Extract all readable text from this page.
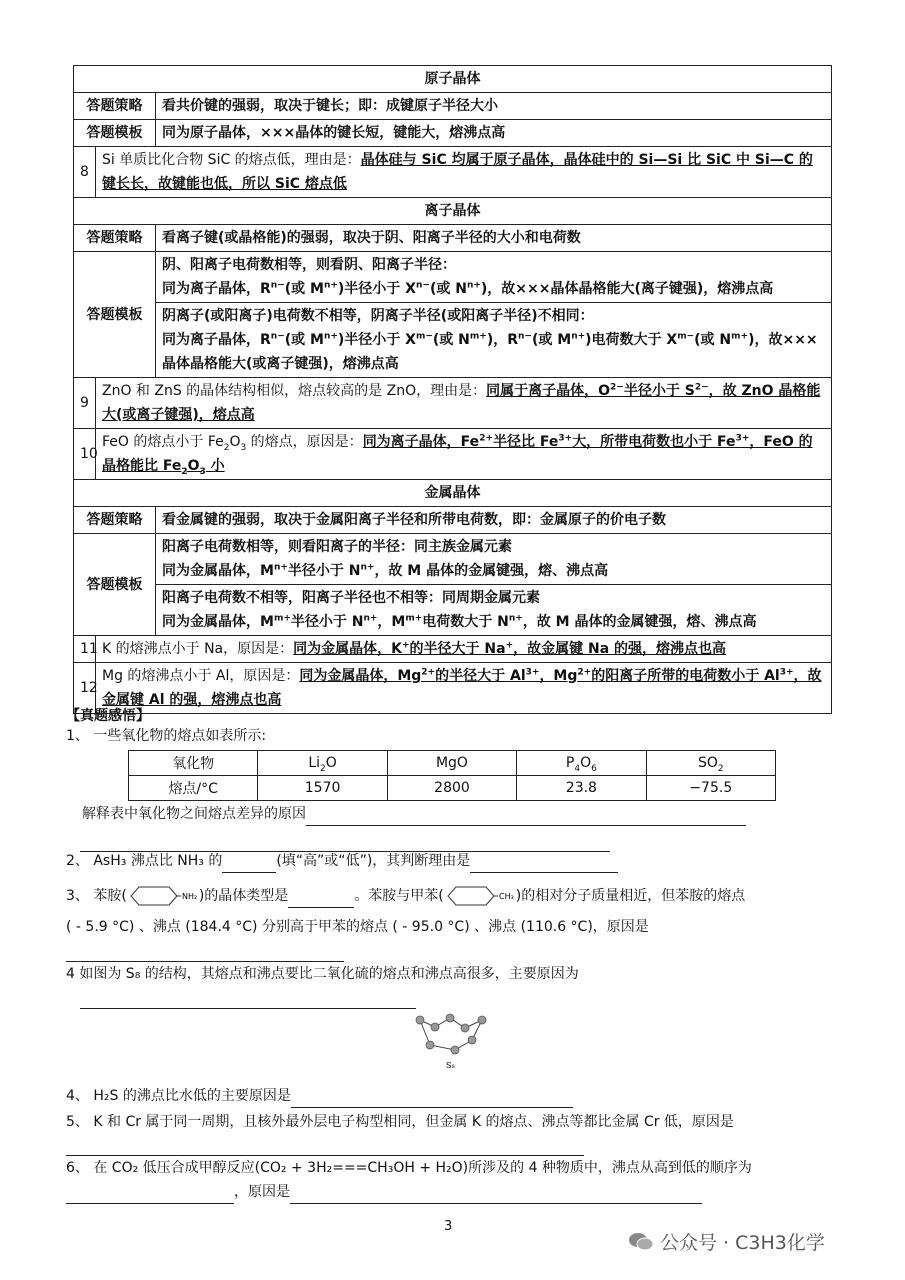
原子晶体		
答题策略		看共价键的强弱，取决于键长；即：成键原子半径大小
答题模板		同为原子晶体，×××晶体的键长短，键能大，熔沸点高
8	Si 单质比化合物 SiC 的熔点低，理由是：晶体硅与 SiC 均属于原子晶体，晶体硅中的 Si—Si 比 SiC 中 Si—C 的键长长，故键能也低，所以 SiC 熔点低	
离子晶体		
答题策略		看离子键(或晶格能)的强弱，取决于阴、阳离子半径的大小和电荷数
答题模板		阴、阳离子电荷数相等，则看阴、阳离子半径：
同为离子晶体，$R^{n-}$(或 $M^{n+}$)半径小于 $X^{n-}$(或 $N^{n+}$)，故×××晶体晶格能大(离子键强)，熔沸点高

		阴离子(或阳离子)电荷数不相等，阴离子半径(或阳离子半径)不相同：
同为离子晶体，$R^{n-}$(或 $M^{n+}$)半径小于 $X^{m-}$(或 $N^{m+}$)，$R^{n-}$(或 $M^{n+}$)电荷数大于 $X^{m-}$(或 $N^{m+}$)，故×××晶体晶格能大(或离子键强)，熔沸点高

9	ZnO 和 ZnS 的晶体结构相似，熔点较高的是 ZnO，理由是：同属于离子晶体，$O^{2-}$半径小于 $S^{2-}$，故 ZnO 晶格能大(或离子键强)，熔点高	
10	FeO 的熔点小于 $Fe_2O_3$ 的熔点，原因是：同为离子晶体，$Fe^{2+}$半径比 $Fe^{3+}$大，所带电荷数也小于 $Fe^{3+}$，FeO 的晶格能比 $Fe_2O_3$ 小	
金属晶体		
答题策略		看金属键的强弱，取决于金属阳离子半径和所带电荷数，即：金属原子的价电子数
答题模板		阳离子电荷数相等，则看阳离子的半径：同主族金属元素
同为金属晶体，$M^{n+}$半径小于 $N^{n+}$，故 M 晶体的金属键强，熔、沸点高

		阳离子电荷数不相等，阳离子半径也不相等：同周期金属元素
同为金属晶体，$M^{m+}$半径小于 $N^{n+}$，$M^{m+}$电荷数大于 $N^{n+}$，故 M 晶体的金属键强，熔、沸点高

11	K 的熔沸点小于 Na，原因是：同为金属晶体，K+的半径大于 Na+，故金属键 Na 的强，熔沸点也高	
12	Mg 的熔沸点小于 Al，原因是：同为金属晶体，$Mg^{2+}$的半径大于 $Al^{3+}$，$Mg^{2+}$的阳离子所带的电荷数小于 $Al^{3+}$，故金属键 Al 的强，熔沸点也高	
【真题感悟】
1、 一些氧化物的熔点如表所示:
氧化物	$Li_2O$	MgO	$P_4O_6$	$SO_2$
熔点/°C	1570	2800	23.8	−75.5
解释表中氧化物之间熔点差异的原因
2、 AsH₃ 沸点比 NH₃ 的	(填“高”或“低”)，其判断理由是
3、 苯胺(	NH₂ )的晶体类型是	。苯胺与甲苯(	CH₃ )的相对分子质量相近，但苯胺的熔点
( - 5.9 °C) 、沸点 (184.4 °C) 分别高于甲苯的熔点 ( - 95.0 °C) 、沸点 (110.6 °C)，原因是
4 如图为 S₈ 的结构，其熔点和沸点要比二氧化硫的熔点和沸点高很多，主要原因为
S₈
4、 H₂S 的沸点比水低的主要原因是
5、 K 和 Cr 属于同一周期，且核外最外层电子构型相同，但金属 K 的熔点、沸点等都比金属 Cr 低，原因是
6、 在 CO₂ 低压合成甲醇反应(CO₂ + 3H₂===CH₃OH + H₂O)所涉及的 4 种物质中，沸点从高到低的顺序为
，原因是
3
公众号 · C3H3化学
